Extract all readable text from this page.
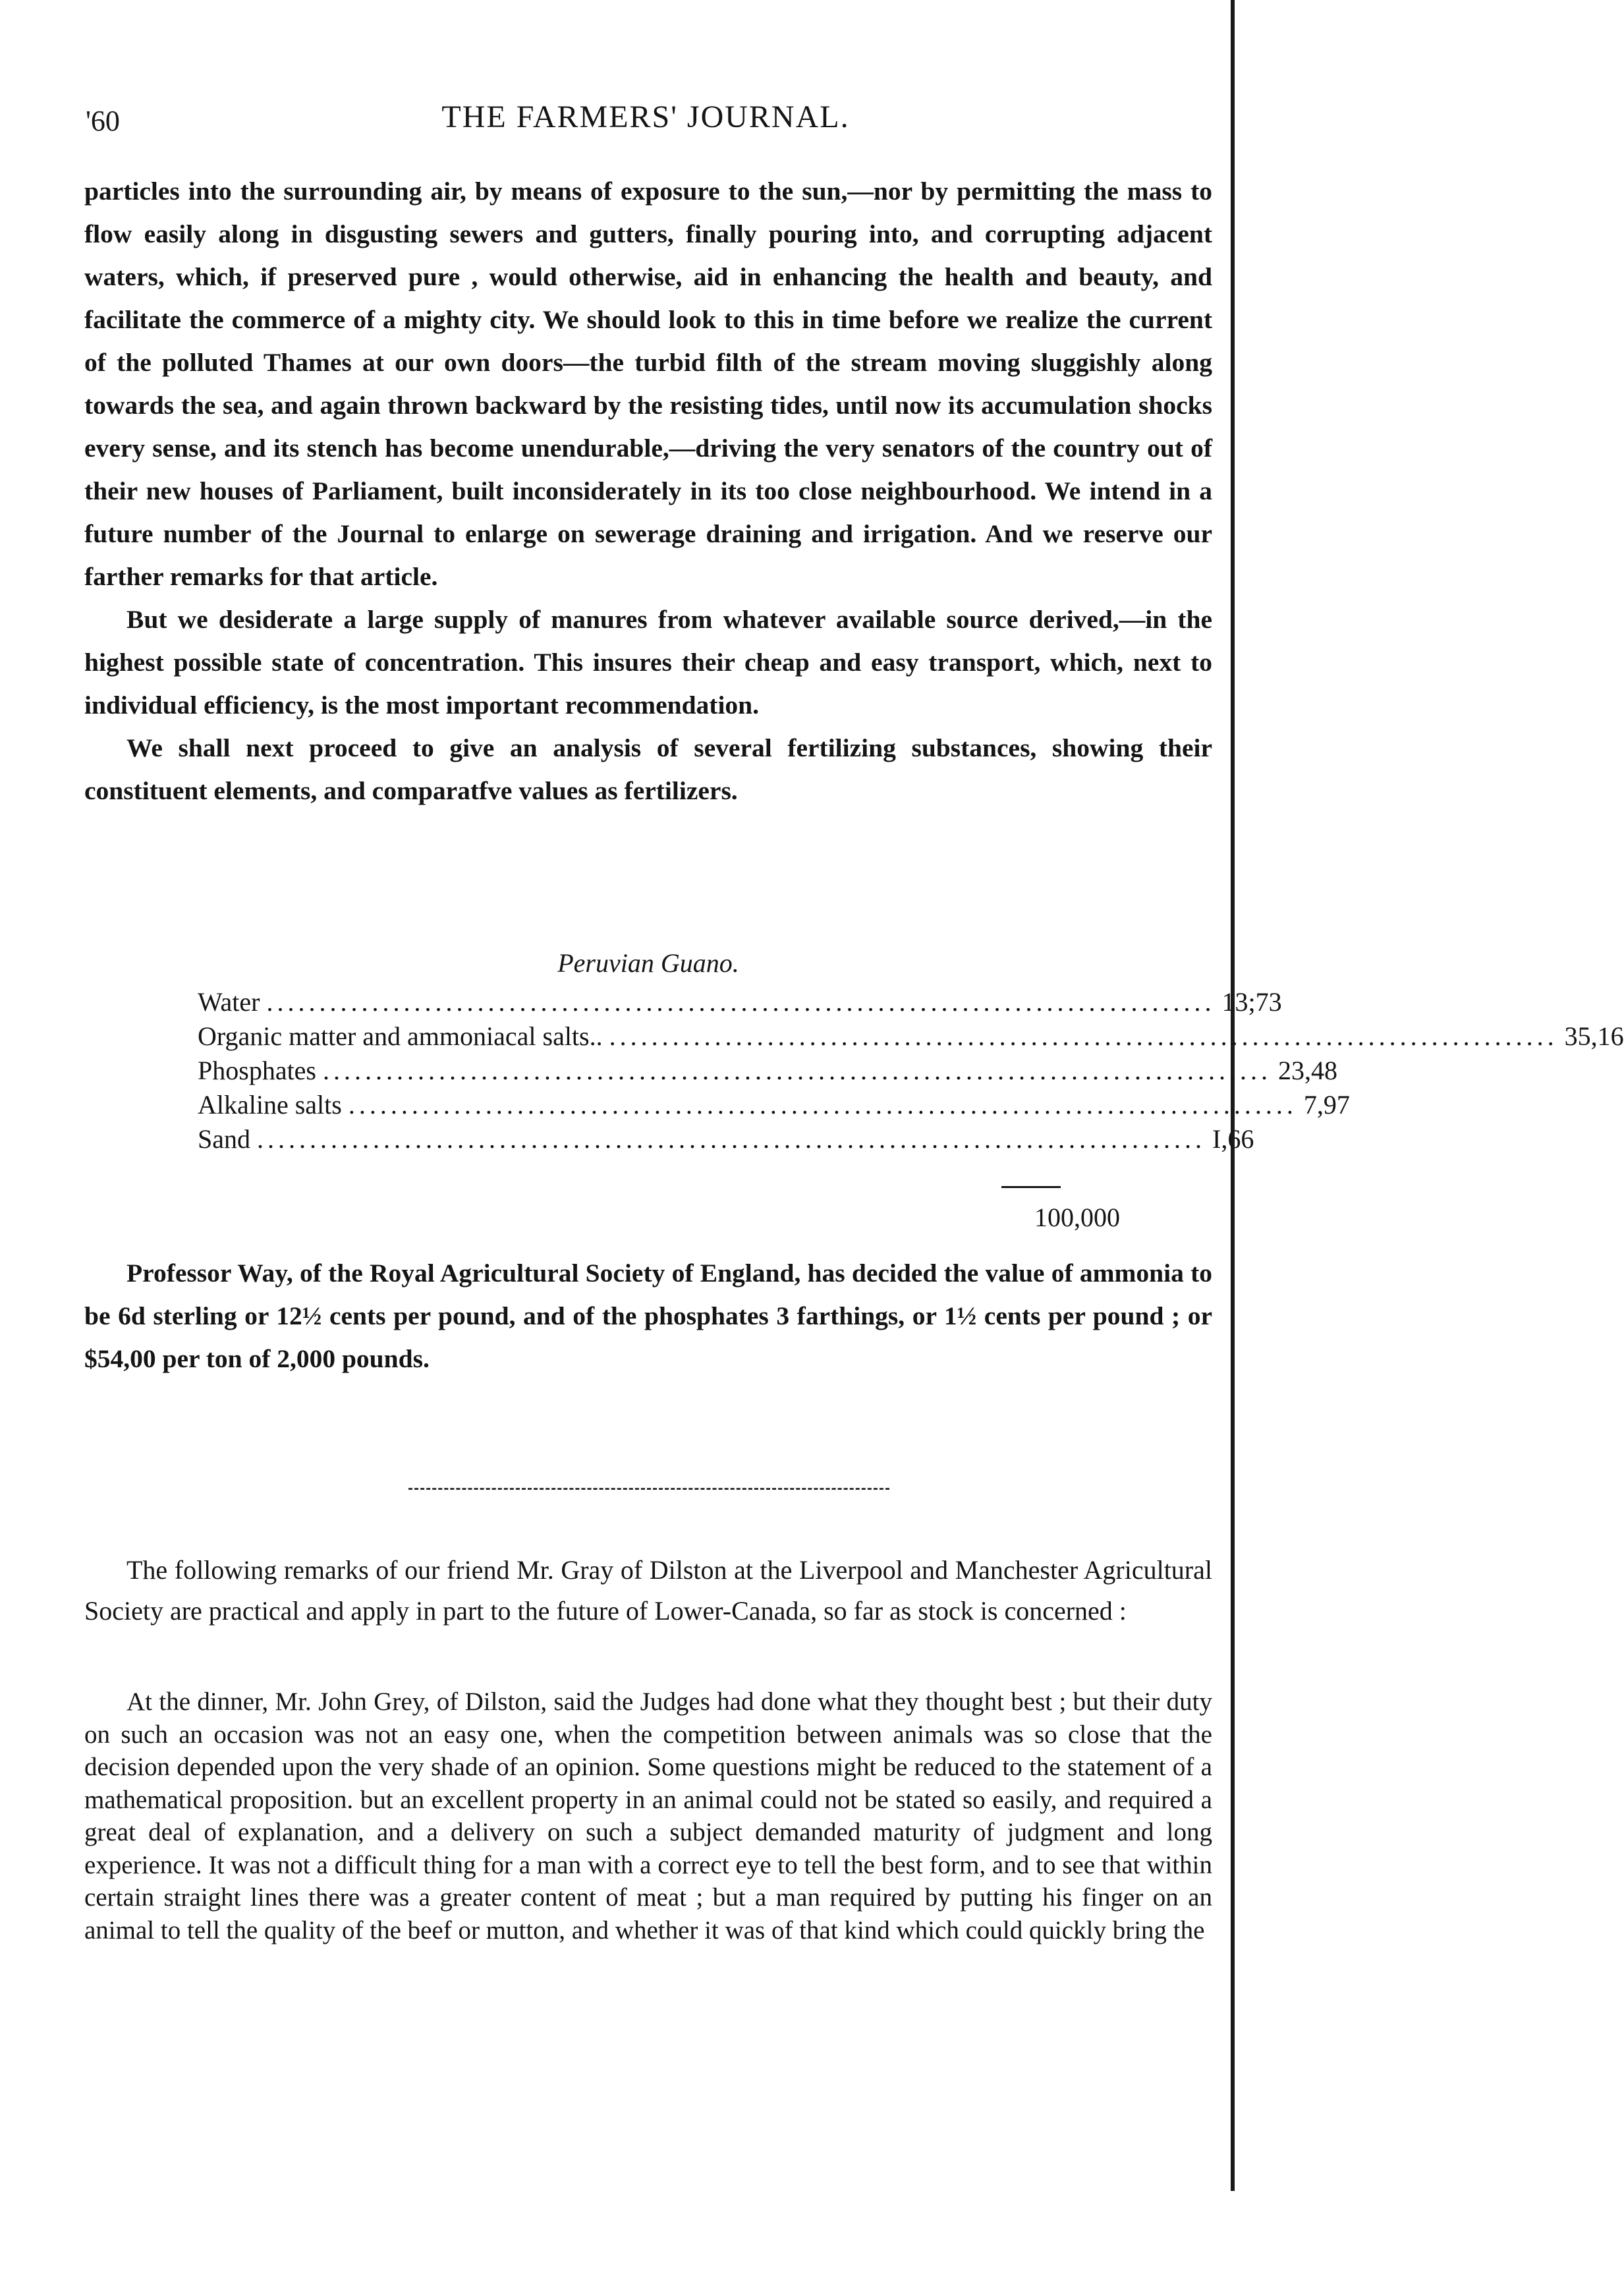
'60	THE FARMERS' JOURNAL.

particles into the surrounding air, by means of exposure to the sun,—nor by permitting the mass to flow easily along in disgusting sewers and gutters, finally pouring into, and corrupting adjacent waters, which, if preserved pure , would otherwise, aid in enhancing the health and beauty, and facilitate the commerce of a mighty city. We should look to this in time before we realize the current of the polluted Thames at our own doors—the turbid filth of the stream moving sluggishly along towards the sea, and again thrown backward by the resisting tides, until now its accumulation shocks every sense, and its stench has become unendurable,—driving the very senators of the country out of their new houses of Parliament, built inconsiderately in its too close neighbourhood. We intend in a future number of the Journal to enlarge on sewerage draining and irrigation. And we reserve our farther remarks for that article.

But we desiderate a large supply of manures from whatever available source derived,—in the highest possible state of concentration. This insures their cheap and easy transport, which, next to individual efficiency, is the most important recommendation.

We shall next proceed to give an analysis of several fertilizing substances, showing their constituent elements, and comparatfve values as fertilizers.

Peruvian Guano.
Water .......................................................................................... 13;73
Organic matter and ammoniacal salts.. .......................................................................................... 35,16
Phosphates .......................................................................................... 23,48
Alkaline salts .......................................................................................... 7,97
Sand .......................................................................................... I,66
100,000

Professor Way, of the Royal Agricultural Society of England, has decided the value of ammonia to be 6d sterling or 12½ cents per pound, and of the phosphates 3 farthings, or 1½ cents per pound ; or $54,00 per ton of 2,000 pounds.

The following remarks of our friend Mr. Gray of Dilston at the Liverpool and Manchester Agricultural Society are practical and apply in part to the future of Lower-Canada, so far as stock is concerned :

At the dinner, Mr. John Grey, of Dilston, said the Judges had done what they thought best ; but their duty on such an occasion was not an easy one, when the competition between animals was so close that the decision depended upon the very shade of an opinion. Some questions might be reduced to the statement of a mathematical proposition. but an excellent property in an animal could not be stated so easily, and required a great deal of explanation, and a delivery on such a subject demanded maturity of judgment and long experience. It was not a difficult thing for a man with a correct eye to tell the best form, and to see that within certain straight lines there was a greater content of meat ; but a man required by putting his finger on an animal to tell the quality of the beef or mutton, and whether it was of that kind which could quickly bring the
